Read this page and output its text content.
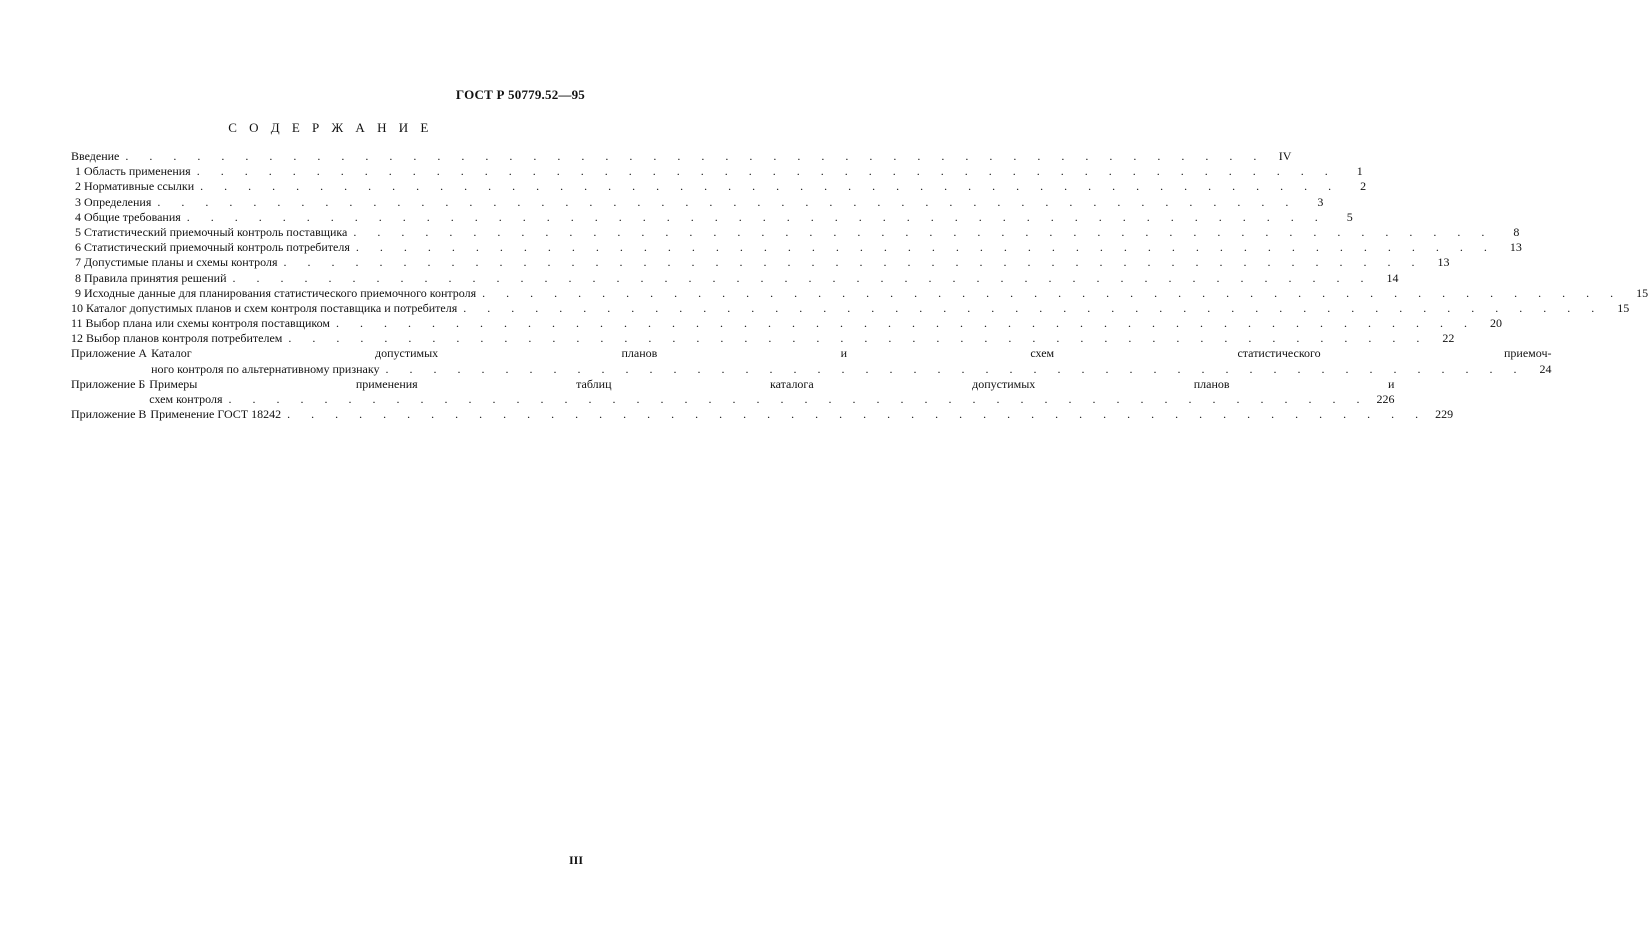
ГОСТ Р 50779.52—95

С О Д Е Р Ж А Н И Е
Введение . . .	IV
1 Область применения . . .	1
2 Нормативные ссылки . . .	2
3 Определения . . .	3
4 Общие требования . . .	5
5 Статистический приемочный контроль поставщика . . .	8
6 Статистический приемочный контроль потребителя . . .	13
7 Допустимые планы и схемы контроля . . .	13
8 Правила принятия решений . . .	14
9 Исходные данные для планирования статистического приемочного контроля . . .	15
10 Каталог допустимых планов и схем контроля поставщика и потребителя . . .	15
11 Выбор плана или схемы контроля поставщиком . . .	20
12 Выбор планов контроля потребителем . . .	22
Приложение А Каталог допустимых планов и схем статистического приемоч-
ного контроля по альтернативному признаку . . .	24
Приложение Б Примеры применения таблиц каталога допустимых планов и
схем контроля . . .	226
Приложение В Применение ГОСТ 18242 . . .	229

III
